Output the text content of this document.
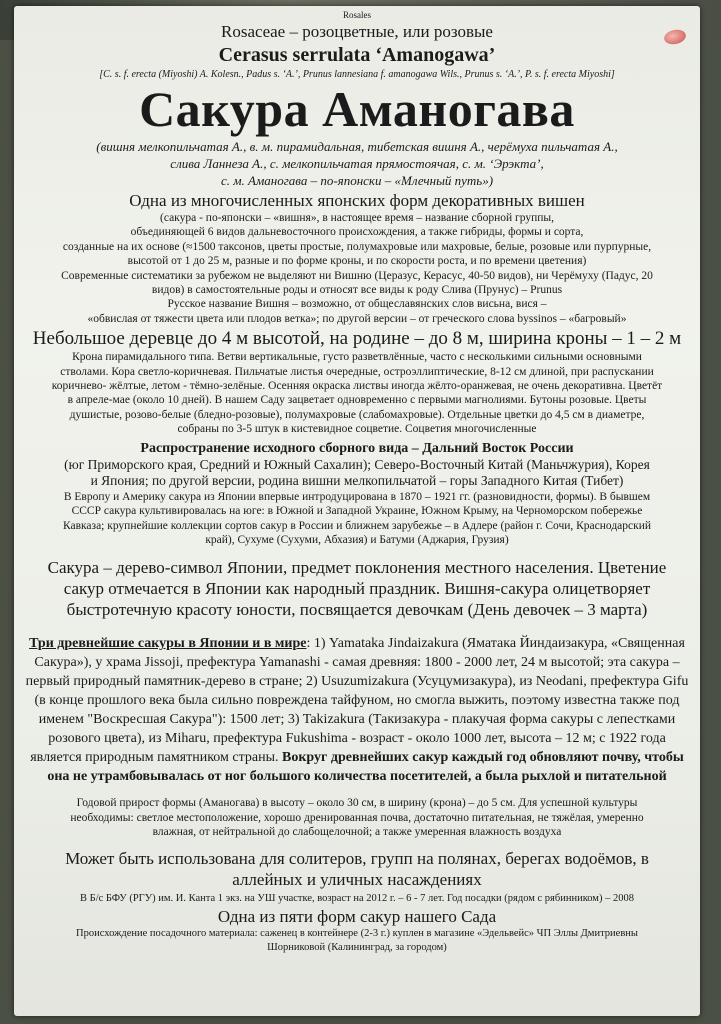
Rosales
Rosaceae – розоцветные, или розовые
Cerasus serrulata ‘Amanogawa’
[C. s. f. erecta (Miyoshi) A. Kolesn., Padus s. ‘A.’, Prunus lannesiana f. amanogawa Wils., Prunus s. ‘A.’, P. s. f. erecta Miyoshi]
Сакура Аманогава
(вишня мелкопильчатая А., в. м. пирамидальная, тибетская вишня А., черёмуха пильчатая А.,
слива Ланнеза А., с. мелкопильчатая прямостоячая, с. м. ‘Эрэкта’,
с. м. Аманогава – по-японски – «Млечный путь»)
Одна из многочисленных японских форм декоративных вишен
(сакура - по-японски – «вишня», в настоящее время – название сборной группы,
объединяющей 6 видов дальневосточного происхождения, а также гибриды, формы и сорта,
созданные на их основе (≈1500 таксонов, цветы простые, полумахровые или махровые, белые, розовые или пурпурные,
высотой от 1 до 25 м, разные и по форме кроны, и по скорости роста, и по времени цветения)
Современные систематики за рубежом не выделяют ни Вишню (Церазус, Керасус, 40-50 видов), ни Черёмуху (Падус, 20
видов) в самостоятельные роды и относят все виды к роду Слива (Прунус) – Prunus
Русское название Вишня – возможно, от общеславянских слов висьна, вися –
«обвислая от тяжести цвета или плодов ветка»; по другой версии – от греческого слова byssinos – «багровый»
Небольшое деревце до 4 м высотой, на родине – до 8 м, ширина кроны – 1 – 2 м
Крона пирамидального типа. Ветви вертикальные, густо разветвлённые, часто с несколькими сильными основными
стволами. Кора светло-коричневая. Пильчатые листья очередные, остроэллиптические, 8-12 см длиной, при распускании
коричнево- жёлтые, летом - тёмно-зелёные. Осенняя окраска листвы иногда жёлто-оранжевая, не очень декоративна. Цветёт
в апреле-мае (около 10 дней). В нашем Саду зацветает одновременно с первыми магнолиями. Бутоны розовые. Цветы
душистые, розово-белые (бледно-розовые), полумахровые (слабомахровые). Отдельные цветки до 4,5 см в диаметре,
собраны по 3-5 штук в кистевидное соцветие. Соцветия многочисленные
Распространение исходного сборного вида – Дальний Восток России
(юг Приморского края, Средний и Южный Сахалин); Северо-Восточный Китай (Маньчжурия), Корея
и Япония; по другой версии, родина вишни мелкопильчатой – горы Западного Китая (Тибет)
В Европу и Америку сакура из Японии впервые интродуцирована в 1870 – 1921 гг. (разновидности, формы). В бывшем
СССР сакура культивировалась на юге: в Южной и Западной Украине, Южном Крыму, на Черноморском побережье
Кавказа; крупнейшие коллекции сортов сакур в России и ближнем зарубежье – в Адлере (район г. Сочи, Краснодарский
край), Сухуме (Сухуми, Абхазия) и Батуми (Аджария, Грузия)
Сакура – дерево-символ Японии, предмет поклонения местного населения. Цветение
сакур отмечается в Японии как народный праздник. Вишня-сакура олицетворяет
быстротечную красоту юности, посвящается девочкам (День девочек – 3 марта)
Три древнейшие сакуры в Японии и в мире: 1) Yamataka Jindaizakura (Яматака Йиндаизакура, «Священная Сакура»), у храма Jissoji, префектура Yamanashi - самая древняя: 1800 - 2000 лет, 24 м высотой; эта сакура – первый природный памятник-дерево в стране; 2) Usuzumizakura (Усуцумизакура), из Neodani, префектура Gifu (в конце прошлого века была сильно повреждена тайфуном, но смогла выжить, поэтому известна также под именем "Воскресшая Сакура"): 1500 лет; 3) Takizakura (Такизакура - плакучая форма сакуры с лепестками розового цвета), из Miharu, префектура Fukushima - возраст - около 1000 лет, высота – 12 м; с 1922 года является природным памятником страны. Вокруг древнейших сакур каждый год обновляют почву, чтобы она не утрамбовывалась от ног большого количества посетителей, а была рыхлой и питательной
Годовой прирост формы (Аманогава) в высоту – около 30 см, в ширину (крона) – до 5 см. Для успешной культуры
необходимы: светлое местоположение, хорошо дренированная почва, достаточно питательная, не тяжёлая, умеренно
влажная, от нейтральной до слабощелочной; а также умеренная влажность воздуха
Может быть использована для солитеров, групп на полянах, берегах водоёмов, в
аллейных и уличных насаждениях
В Б/с БФУ (РГУ) им. И. Канта 1 экз. на УШ участке, возраст на 2012 г. – 6 - 7 лет. Год посадки (рядом с рябинником) – 2008
Одна из пяти форм сакур нашего Сада
Происхождение посадочного материала: саженец в контейнере (2-3 г.) куплен в магазине «Эдельвейс» ЧП Эллы Дмитриевны
Шорниковой (Калининград, за городом)
